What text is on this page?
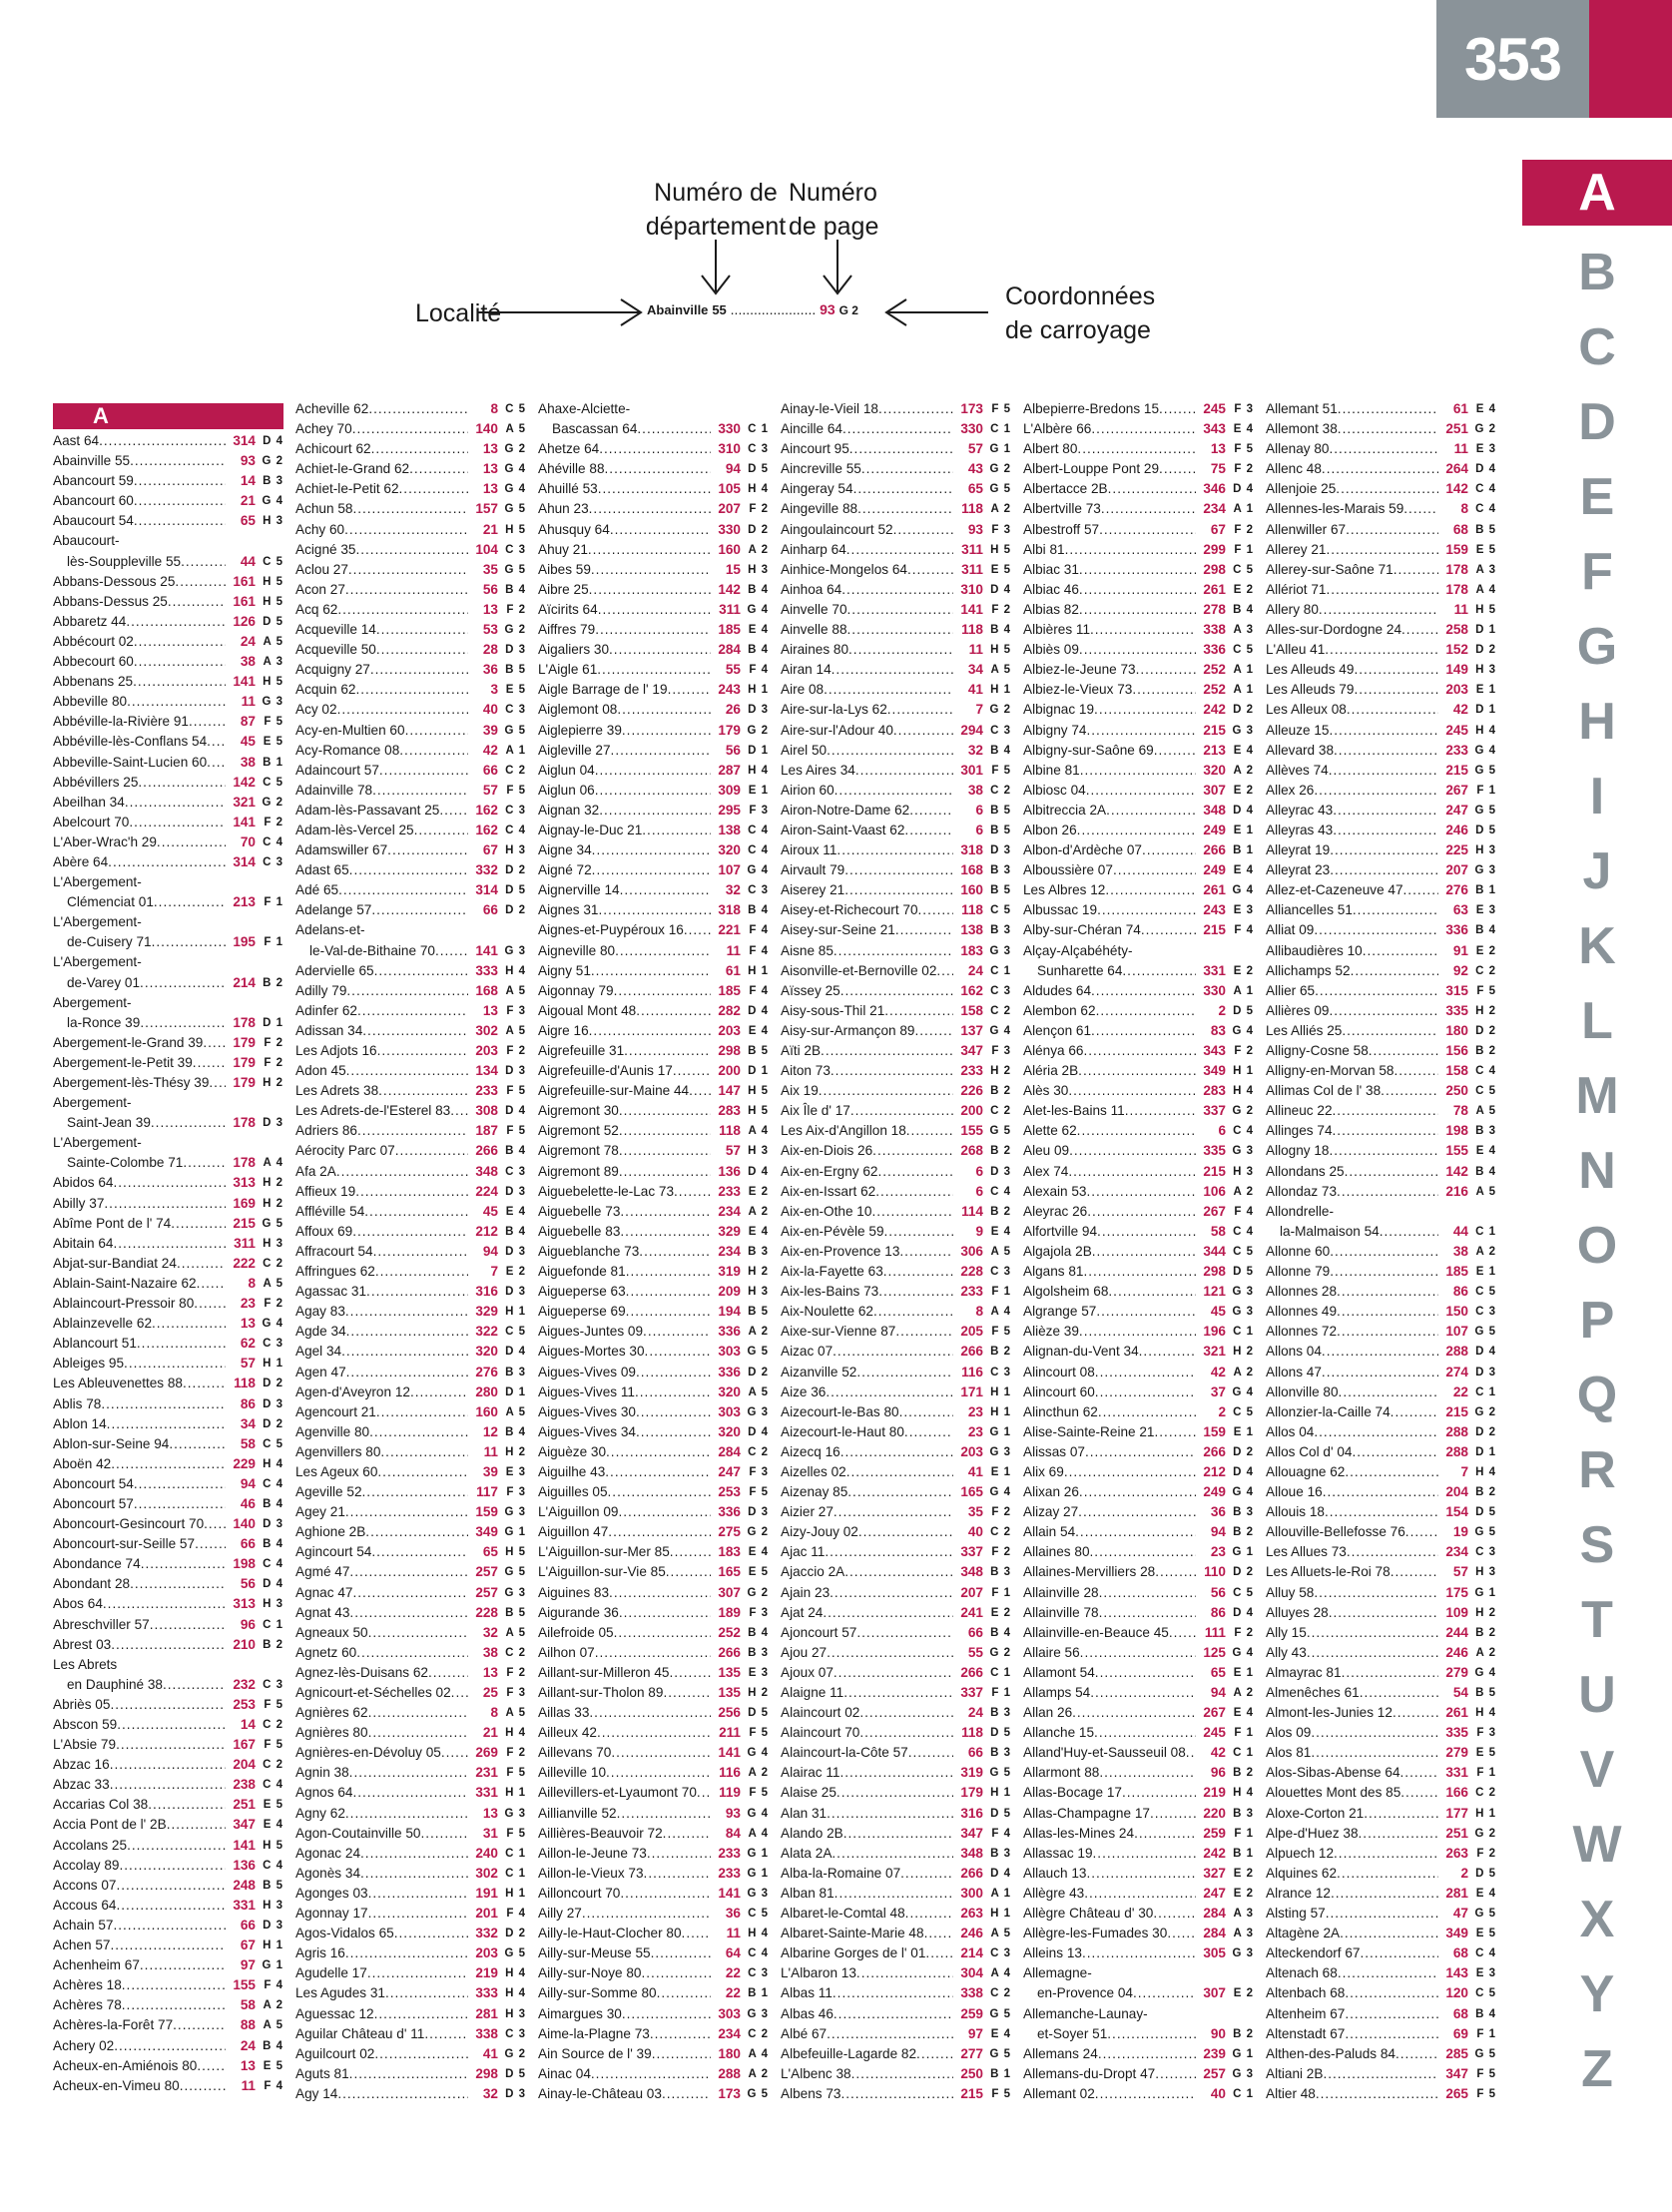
353
A
B
C
D
E
F
G
H
I
J
K
L
M
N
O
P
Q
R
S
T
U
V
W
X
Y
Z
Numéro de
département
Numéro
de page
Localité
Coordonnées
de carroyage
Abainville 55 ...................... 93 G 2
A
Aast 64 .....	314 D 4
Abainville 55 .....	93 G 2
Abancourt 59 .....	14 B 3
Abancourt 60 .....	21 G 4
Abaucourt 54 .....	65 H 3
Abaucourt-
lès-Souppleville 55 .....	44 C 5
Abbans-Dessous 25 .....	161 H 5
Abbans-Dessus 25 .....	161 H 5
Abbaretz 44 .....	126 D 5
Abbécourt 02 .....	24 A 5
Abbecourt 60 .....	38 A 3
Abbenans 25 .....	141 H 5
Abbeville 80 .....	11 G 3
Abbéville-la-Rivière 91 .....	87 F 5
Abbéville-lès-Conflans 54 .....	45 E 5
Abbeville-Saint-Lucien 60 .....	38 B 1
Abbévillers 25 .....	142 C 5
Abeilhan 34 .....	321 G 2
Abelcourt 70 .....	141 F 2
L'Aber-Wrac'h 29 .....	70 C 4
Abère 64 .....	314 C 3
L'Abergement-
Clémenciat 01 .....	213 F 1
L'Abergement-
de-Cuisery 71 .....	195 F 1
L'Abergement-
de-Varey 01 .....	214 B 2
Abergement-
la-Ronce 39 .....	178 D 1
Abergement-le-Grand 39 .....	179 F 2
Abergement-le-Petit 39 .....	179 F 2
Abergement-lès-Thésy 39 .....	179 H 2
Abergement-
Saint-Jean 39 .....	178 D 3
L'Abergement-
Sainte-Colombe 71 .....	178 A 4
Abidos 64 .....	313 H 2
Abilly 37 .....	169 H 2
Abîme Pont de l' 74 .....	215 G 5
Abitain 64 .....	311 H 3
Abjat-sur-Bandiat 24 .....	222 C 2
Ablain-Saint-Nazaire 62 .....	8 A 5
Ablaincourt-Pressoir 80 .....	23 F 2
Ablainzevelle 62 .....	13 G 4
Ablancourt 51 .....	62 C 3
Ableiges 95 .....	57 H 1
Les Ableuvenettes 88 .....	118 D 2
Ablis 78 .....	86 D 3
Ablon 14 .....	34 D 2
Ablon-sur-Seine 94 .....	58 C 5
Aboën 42 .....	229 H 4
Aboncourt 54 .....	94 C 4
Aboncourt 57 .....	46 B 4
Aboncourt-Gesincourt 70 .....	140 D 3
Aboncourt-sur-Seille 57 .....	66 B 4
Abondance 74 .....	198 C 4
Abondant 28 .....	56 D 4
Abos 64 .....	313 H 3
Abreschviller 57 .....	96 C 1
Abrest 03 .....	210 B 2
Les Abrets
en Dauphiné 38 .....	232 C 3
Abriès 05 .....	253 F 5
Abscon 59 .....	14 C 2
L'Absie 79 .....	167 F 5
Abzac 16 .....	204 C 2
Abzac 33 .....	238 C 4
Accarias Col 38 .....	251 E 5
Accia Pont de l' 2B .....	347 E 4
Accolans 25 .....	141 H 5
Accolay 89 .....	136 C 4
Accons 07 .....	248 B 5
Accous 64 .....	331 H 3
Achain 57 .....	66 D 3
Achen 57 .....	67 H 1
Achenheim 67 .....	97 G 1
Achères 18 .....	155 F 4
Achères 78 .....	58 A 2
Achères-la-Forêt 77 .....	88 A 5
Achery 02 .....	24 B 4
Acheux-en-Amiénois 80 .....	13 E 5
Acheux-en-Vimeu 80 .....	11 F 4
Acheville 62 .....	8 C 5
Achey 70 .....	140 A 5
Achicourt 62 .....	13 G 2
Achiet-le-Grand 62 .....	13 G 4
Achiet-le-Petit 62 .....	13 G 4
Achun 58 .....	157 G 5
Achy 60 .....	21 H 5
Acigné 35 .....	104 C 3
Aclou 27 .....	35 G 5
Acon 27 .....	56 B 4
Acq 62 .....	13 F 2
Acqueville 14 .....	53 G 2
Acqueville 50 .....	28 D 3
Acquigny 27 .....	36 B 5
Acquin 62 .....	3 E 5
Acy 02 .....	40 C 3
Acy-en-Multien 60 .....	39 G 5
Acy-Romance 08 .....	42 A 1
Adaincourt 57 .....	66 C 2
Adainville 78 .....	57 F 5
Adam-lès-Passavant 25 .....	162 C 3
Adam-lès-Vercel 25 .....	162 C 4
Adamswiller 67 .....	67 H 3
Adast 65 .....	332 D 2
Adé 65 .....	314 D 5
Adelange 57 .....	66 D 2
Adelans-et-
le-Val-de-Bithaine 70 .....	141 G 3
Adervielle 65 .....	333 H 4
Adilly 79 .....	168 A 5
Adinfer 62 .....	13 F 3
Adissan 34 .....	302 A 5
Les Adjots 16 .....	203 F 2
Adon 45 .....	134 D 3
Les Adrets 38 .....	233 F 5
Les Adrets-de-l'Esterel 83 .....	308 D 4
Adriers 86 .....	187 F 5
Aérocity Parc 07 .....	266 B 4
Afa 2A .....	348 C 3
Affieux 19 .....	224 D 3
Affléville 54 .....	45 E 4
Affoux 69 .....	212 B 4
Affracourt 54 .....	94 D 3
Affringues 62 .....	7 E 2
Agassac 31 .....	316 D 3
Agay 83 .....	329 H 1
Agde 34 .....	322 C 5
Agel 34 .....	320 D 4
Agen 47 .....	276 B 3
Agen-d'Aveyron 12 .....	280 D 1
Agencourt 21 .....	160 A 5
Agenville 80 .....	12 B 4
Agenvillers 80 .....	11 H 2
Les Ageux 60 .....	39 E 3
Ageville 52 .....	117 F 3
Agey 21 .....	159 G 3
Aghione 2B .....	349 G 1
Agincourt 54 .....	65 H 5
Agmé 47 .....	257 G 5
Agnac 47 .....	257 G 3
Agnat 43 .....	228 B 5
Agneaux 50 .....	32 A 5
Agnetz 60 .....	38 C 2
Agnez-lès-Duisans 62 .....	13 F 2
Agnicourt-et-Séchelles 02 .....	25 F 3
Agnières 62 .....	8 A 5
Agnières 80 .....	21 H 4
Agnières-en-Dévoluy 05 .....	269 F 2
Agnin 38 .....	231 F 5
Agnos 64 .....	331 H 1
Agny 62 .....	13 G 3
Agon-Coutainville 50 .....	31 F 5
Agonac 24 .....	240 C 1
Agonès 34 .....	302 C 1
Agonges 03 .....	191 H 1
Agonnay 17 .....	201 F 4
Agos-Vidalos 65 .....	332 D 2
Agris 16 .....	203 G 5
Agudelle 17 .....	219 H 4
Les Agudes 31 .....	333 H 4
Aguessac 12 .....	281 H 3
Aguilar Château d' 11 .....	338 C 3
Aguilcourt 02 .....	41 G 2
Aguts 81 .....	298 D 5
Agy 14 .....	32 D 3
Ahaxe-Alciette-
Bascassan 64 .....	330 C 1
Ahetze 64 .....	310 C 3
Ahéville 88 .....	94 D 5
Ahuillé 53 .....	105 H 4
Ahun 23 .....	207 F 2
Ahusquy 64 .....	330 D 2
Ahuy 21 .....	160 A 2
Aibes 59 .....	15 H 3
Aibre 25 .....	142 B 4
Aïcirits 64 .....	311 G 4
Aiffres 79 .....	185 E 4
Aigaliers 30 .....	284 B 4
L'Aigle 61 .....	55 F 4
Aigle Barrage de l' 19 .....	243 H 1
Aiglemont 08 .....	26 D 3
Aiglepierre 39 .....	179 G 2
Aigleville 27 .....	56 D 1
Aiglun 04 .....	287 H 4
Aiglun 06 .....	309 E 1
Aignan 32 .....	295 F 3
Aignay-le-Duc 21 .....	138 C 4
Aigne 34 .....	320 C 4
Aigné 72 .....	107 G 4
Aignerville 14 .....	32 C 3
Aignes 31 .....	318 B 4
Aignes-et-Puypéroux 16 .....	221 F 4
Aigneville 80 .....	11 F 4
Aigny 51 .....	61 H 1
Aigonnay 79 .....	185 F 4
Aigoual Mont 48 .....	282 D 4
Aigre 16 .....	203 E 4
Aigrefeuille 31 .....	298 B 5
Aigrefeuille-d'Aunis 17 .....	200 D 1
Aigrefeuille-sur-Maine 44 .....	147 H 5
Aigremont 30 .....	283 H 5
Aigremont 52 .....	118 A 4
Aigremont 78 .....	57 H 3
Aigremont 89 .....	136 D 4
Aiguebelette-le-Lac 73 .....	233 E 2
Aiguebelle 73 .....	234 A 2
Aiguebelle 83 .....	329 E 4
Aigueblanche 73 .....	234 B 3
Aiguefonde 81 .....	319 H 2
Aigueperse 63 .....	209 H 3
Aigueperse 69 .....	194 B 5
Aigues-Juntes 09 .....	336 A 2
Aigues-Mortes 30 .....	303 G 5
Aigues-Vives 09 .....	336 D 2
Aigues-Vives 11 .....	320 A 5
Aigues-Vives 30 .....	303 G 3
Aigues-Vives 34 .....	320 D 4
Aiguèze 30 .....	284 C 2
Aiguilhe 43 .....	247 F 3
Aiguilles 05 .....	253 F 5
L'Aiguillon 09 .....	336 D 3
Aiguillon 47 .....	275 G 2
L'Aiguillon-sur-Mer 85 .....	183 E 4
L'Aiguillon-sur-Vie 85 .....	165 E 5
Aiguines 83 .....	307 G 2
Aigurande 36 .....	189 F 3
Ailefroide 05 .....	252 B 4
Ailhon 07 .....	266 B 3
Aillant-sur-Milleron 45 .....	135 E 3
Aillant-sur-Tholon 89 .....	135 H 2
Aillas 33 .....	256 D 5
Ailleux 42 .....	211 F 5
Aillevans 70 .....	141 G 4
Ailleville 10 .....	116 A 2
Aillevillers-et-Lyaumont 70 .....	119 F 5
Aillianville 52 .....	93 G 4
Aillières-Beauvoir 72 .....	84 A 4
Aillon-le-Jeune 73 .....	233 G 1
Aillon-le-Vieux 73 .....	233 G 1
Ailloncourt 70 .....	141 G 3
Ailly 27 .....	36 C 5
Ailly-le-Haut-Clocher 80 .....	11 H 4
Ailly-sur-Meuse 55 .....	64 C 4
Ailly-sur-Noye 80 .....	22 C 3
Ailly-sur-Somme 80 .....	22 B 1
Aimargues 30 .....	303 G 3
Aime-la-Plagne 73 .....	234 C 2
Ain Source de l' 39 .....	180 A 4
Ainac 04 .....	288 A 2
Ainay-le-Château 03 .....	173 G 5
Ainay-le-Vieil 18 .....	173 F 5
Aincille 64 .....	330 C 1
Aincourt 95 .....	57 G 1
Aincreville 55 .....	43 G 2
Aingeray 54 .....	65 G 5
Aingeville 88 .....	118 A 2
Aingoulaincourt 52 .....	93 F 3
Ainharp 64 .....	311 H 5
Ainhice-Mongelos 64 .....	311 E 5
Ainhoa 64 .....	310 D 4
Ainvelle 70 .....	141 F 2
Ainvelle 88 .....	118 B 4
Airaines 80 .....	11 H 5
Airan 14 .....	34 A 5
Aire 08 .....	41 H 1
Aire-sur-la-Lys 62 .....	7 G 2
Aire-sur-l'Adour 40 .....	294 C 3
Airel 50 .....	32 B 4
Les Aires 34 .....	301 F 5
Airion 60 .....	38 C 2
Airon-Notre-Dame 62 .....	6 B 5
Airon-Saint-Vaast 62 .....	6 B 5
Airoux 11 .....	318 D 3
Airvault 79 .....	168 B 3
Aiserey 21 .....	160 B 5
Aisey-et-Richecourt 70 .....	118 C 5
Aisey-sur-Seine 21 .....	138 B 3
Aisne 85 .....	183 G 3
Aisonville-et-Bernoville 02 .....	24 C 1
Aïssey 25 .....	162 C 3
Aisy-sous-Thil 21 .....	158 C 2
Aisy-sur-Armançon 89 .....	137 G 4
Aïti 2B .....	347 F 3
Aiton 73 .....	233 H 2
Aix 19 .....	226 B 2
Aix Île d' 17 .....	200 C 2
Les Aix-d'Angillon 18 .....	155 G 5
Aix-en-Diois 26 .....	268 B 2
Aix-en-Ergny 62 .....	6 D 3
Aix-en-Issart 62 .....	6 C 4
Aix-en-Othe 10 .....	114 B 2
Aix-en-Pévèle 59 .....	9 E 4
Aix-en-Provence 13 .....	306 A 5
Aix-la-Fayette 63 .....	228 C 3
Aix-les-Bains 73 .....	233 F 1
Aix-Noulette 62 .....	8 A 4
Aixe-sur-Vienne 87 .....	205 F 5
Aizac 07 .....	266 B 2
Aizanville 52 .....	116 C 3
Aize 36 .....	171 H 1
Aizecourt-le-Bas 80 .....	23 H 1
Aizecourt-le-Haut 80 .....	23 G 1
Aizecq 16 .....	203 G 3
Aizelles 02 .....	41 E 1
Aizenay 85 .....	165 G 4
Aizier 27 .....	35 F 2
Aizy-Jouy 02 .....	40 C 2
Ajac 11 .....	337 F 2
Ajaccio 2A .....	348 B 3
Ajain 23 .....	207 F 1
Ajat 24 .....	241 E 2
Ajoncourt 57 .....	66 B 4
Ajou 27 .....	55 G 2
Ajoux 07 .....	266 C 1
Alaigne 11 .....	337 F 1
Alaincourt 02 .....	24 B 3
Alaincourt 70 .....	118 D 5
Alaincourt-la-Côte 57 .....	66 B 3
Alairac 11 .....	319 G 5
Alaise 25 .....	179 H 1
Alan 31 .....	316 D 5
Alando 2B .....	347 F 4
Alata 2A .....	348 B 3
Alba-la-Romaine 07 .....	266 D 4
Alban 81 .....	300 A 1
Albaret-le-Comtal 48 .....	263 H 1
Albaret-Sainte-Marie 48 .....	246 A 5
Albarine Gorges de l' 01 .....	214 C 3
L'Albaron 13 .....	304 A 4
Albas 11 .....	338 C 2
Albas 46 .....	259 G 5
Albé 67 .....	97 E 4
Albefeuille-Lagarde 82 .....	277 G 5
L'Albenc 38 .....	250 B 1
Albens 73 .....	215 F 5
Albepierre-Bredons 15 .....	245 F 3
L'Albère 66 .....	343 E 4
Albert 80 .....	13 F 5
Albert-Louppe Pont 29 .....	75 F 2
Albertacce 2B .....	346 D 4
Albertville 73 .....	234 A 1
Albestroff 57 .....	67 F 2
Albi 81 .....	299 F 1
Albiac 31 .....	298 C 5
Albiac 46 .....	261 E 2
Albias 82 .....	278 B 4
Albières 11 .....	338 A 3
Albiès 09 .....	336 C 5
Albiez-le-Jeune 73 .....	252 A 1
Albiez-le-Vieux 73 .....	252 A 1
Albignac 19 .....	242 D 2
Albigny 74 .....	215 G 3
Albigny-sur-Saône 69 .....	213 E 4
Albine 81 .....	320 A 2
Albiosc 04 .....	307 E 2
Albitreccia 2A .....	348 D 4
Albon 26 .....	249 E 1
Albon-d'Ardèche 07 .....	266 B 1
Alboussière 07 .....	249 E 4
Les Albres 12 .....	261 G 4
Albussac 19 .....	243 E 3
Alby-sur-Chéran 74 .....	215 F 4
Alçay-Alçabéhéty-
Sunharette 64 .....	331 E 2
Aldudes 64 .....	330 A 1
Alembon 62 .....	2 D 5
Alençon 61 .....	83 G 4
Alénya 66 .....	343 F 2
Aléria 2B .....	349 H 1
Alès 30 .....	283 H 4
Alet-les-Bains 11 .....	337 G 2
Alette 62 .....	6 C 4
Aleu 09 .....	335 G 3
Alex 74 .....	215 H 3
Alexain 53 .....	106 A 2
Aleyrac 26 .....	267 F 4
Alfortville 94 .....	58 C 4
Algajola 2B .....	344 C 5
Algans 81 .....	298 D 5
Algolsheim 68 .....	121 G 3
Algrange 57 .....	45 G 3
Alièze 39 .....	196 C 1
Alignan-du-Vent 34 .....	321 H 2
Alincourt 08 .....	42 A 2
Alincourt 60 .....	37 G 4
Alincthun 62 .....	2 C 5
Alise-Sainte-Reine 21 .....	159 E 1
Alissas 07 .....	266 D 2
Alix 69 .....	212 D 4
Alixan 26 .....	249 G 4
Alizay 27 .....	36 B 3
Allain 54 .....	94 B 2
Allaines 80 .....	23 G 1
Allaines-Mervilliers 28 .....	110 D 2
Allainville 28 .....	56 C 5
Allainville 78 .....	86 D 4
Allainville-en-Beauce 45 .....	111 F 2
Allaire 56 .....	125 G 4
Allamont 54 .....	65 E 1
Allamps 54 .....	94 A 2
Allan 26 .....	267 E 4
Allanche 15 .....	245 F 1
Alland'Huy-et-Sausseuil 08 .....	42 C 1
Allarmont 88 .....	96 B 2
Allas-Bocage 17 .....	219 H 4
Allas-Champagne 17 .....	220 B 3
Allas-les-Mines 24 .....	259 F 1
Allassac 19 .....	242 B 1
Allauch 13 .....	327 E 2
Allègre 43 .....	247 E 2
Allègre Château d' 30 .....	284 A 3
Allègre-les-Fumades 30 .....	284 A 3
Alleins 13 .....	305 G 3
Allemagne-
en-Provence 04 .....	307 E 2
Allemanche-Launay-
et-Soyer 51 .....	90 B 2
Allemans 24 .....	239 G 1
Allemans-du-Dropt 47 .....	257 G 3
Allemant 02 .....	40 C 1
Allemant 51 .....	61 E 4
Allemont 38 .....	251 G 2
Allenay 80 .....	11 E 3
Allenc 48 .....	264 D 4
Allenjoie 25 .....	142 C 4
Allennes-les-Marais 59 .....	8 C 4
Allenwiller 67 .....	68 B 5
Allerey 21 .....	159 E 5
Allerey-sur-Saône 71 .....	178 A 3
Allériot 71 .....	178 A 4
Allery 80 .....	11 H 5
Alles-sur-Dordogne 24 .....	258 D 1
L'Alleu 41 .....	152 D 2
Les Alleuds 49 .....	149 H 3
Les Alleuds 79 .....	203 E 1
Les Alleux 08 .....	42 D 1
Alleuze 15 .....	245 H 4
Allevard 38 .....	233 G 4
Allèves 74 .....	215 G 5
Allex 26 .....	267 F 1
Alleyrac 43 .....	247 G 5
Alleyras 43 .....	246 D 5
Alleyrat 19 .....	225 H 3
Alleyrat 23 .....	207 G 3
Allez-et-Cazeneuve 47 .....	276 B 1
Alliancelles 51 .....	63 E 3
Alliat 09 .....	336 B 4
Allibaudières 10 .....	91 E 2
Allichamps 52 .....	92 C 2
Allier 65 .....	315 F 5
Allières 09 .....	335 H 2
Les Alliés 25 .....	180 D 2
Alligny-Cosne 58 .....	156 B 2
Alligny-en-Morvan 58 .....	158 C 4
Allimas Col de l' 38 .....	250 C 5
Allineuc 22 .....	78 A 5
Allinges 74 .....	198 B 3
Allogny 18 .....	155 E 4
Allondans 25 .....	142 B 4
Allondaz 73 .....	216 A 5
Allondrelle-
la-Malmaison 54 .....	44 C 1
Allonne 60 .....	38 A 2
Allonne 79 .....	185 E 1
Allonnes 28 .....	86 C 5
Allonnes 49 .....	150 C 3
Allonnes 72 .....	107 G 5
Allons 04 .....	288 D 4
Allons 47 .....	274 D 3
Allonville 80 .....	22 C 1
Allonzier-la-Caille 74 .....	215 G 2
Allos 04 .....	288 D 2
Allos Col d' 04 .....	288 D 1
Allouagne 62 .....	7 H 4
Alloue 16 .....	204 B 2
Allouis 18 .....	154 D 5
Allouville-Bellefosse 76 .....	19 G 5
Les Allues 73 .....	234 C 3
Les Alluets-le-Roi 78 .....	57 H 3
Alluy 58 .....	175 G 1
Alluyes 28 .....	109 H 2
Ally 15 .....	244 B 2
Ally 43 .....	246 A 2
Almayrac 81 .....	279 G 4
Almenêches 61 .....	54 B 5
Almont-les-Junies 12 .....	261 H 4
Alos 09 .....	335 F 3
Alos 81 .....	279 E 5
Alos-Sibas-Abense 64 .....	331 F 1
Alouettes Mont des 85 .....	166 C 2
Aloxe-Corton 21 .....	177 H 1
Alpe-d'Huez 38 .....	251 G 2
Alpuech 12 .....	263 F 2
Alquines 62 .....	2 D 5
Alrance 12 .....	281 E 4
Alsting 57 .....	47 G 5
Altagène 2A .....	349 E 5
Alteckendorf 67 .....	68 C 4
Altenach 68 .....	143 E 3
Altenbach 68 .....	120 C 5
Altenheim 67 .....	68 B 4
Altenstadt 67 .....	69 F 1
Althen-des-Paluds 84 .....	285 G 5
Altiani 2B .....	347 F 5
Altier 48 .....	265 F 5
